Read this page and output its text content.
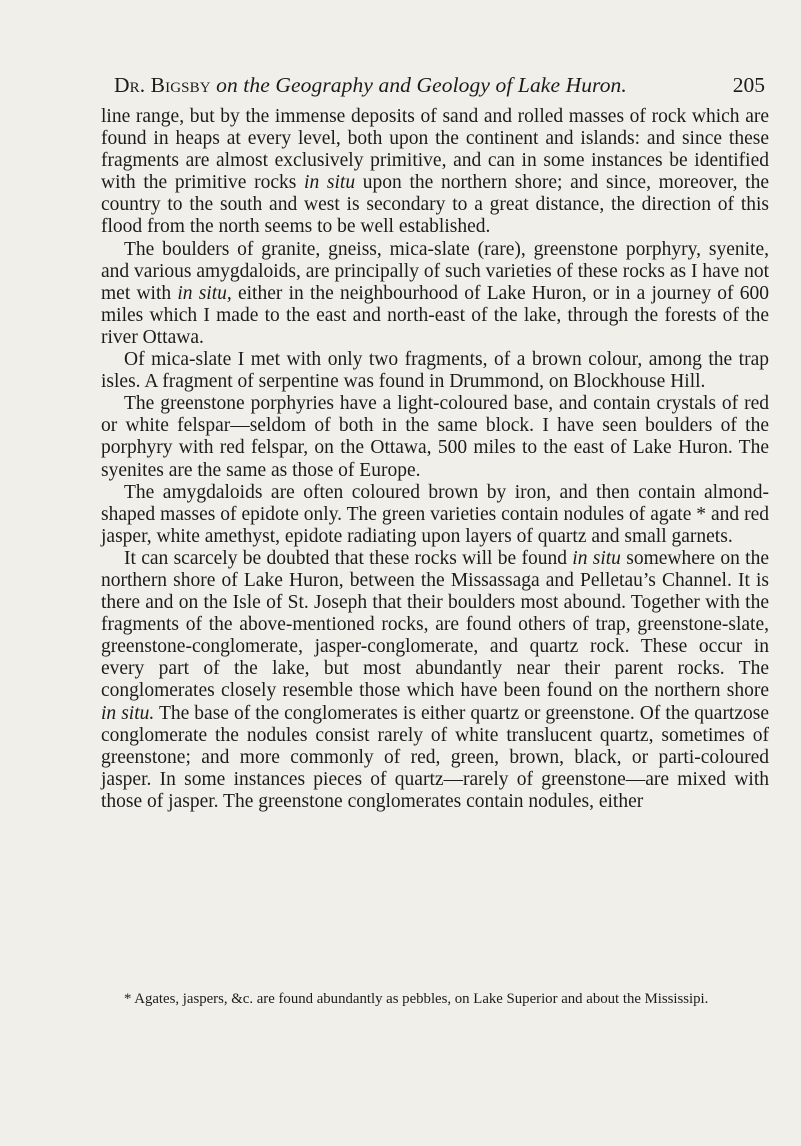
Dr. Bigsby on the Geography and Geology of Lake Huron.	205

line range, but by the immense deposits of sand and rolled masses of rock which are found in heaps at every level, both upon the continent and islands: and since these fragments are almost exclusively primitive, and can in some instances be identified with the primitive rocks in situ upon the northern shore; and since, moreover, the country to the south and west is secondary to a great distance, the direction of this flood from the north seems to be well established.

The boulders of granite, gneiss, mica-slate (rare), greenstone porphyry, syenite, and various amygdaloids, are principally of such varieties of these rocks as I have not met with in situ, either in the neighbourhood of Lake Huron, or in a journey of 600 miles which I made to the east and north-east of the lake, through the forests of the river Ottawa.

Of mica-slate I met with only two fragments, of a brown colour, among the trap isles. A fragment of serpentine was found in Drummond, on Blockhouse Hill.

The greenstone porphyries have a light-coloured base, and contain crystals of red or white felspar—seldom of both in the same block. I have seen boulders of the porphyry with red felspar, on the Ottawa, 500 miles to the east of Lake Huron. The syenites are the same as those of Europe.

The amygdaloids are often coloured brown by iron, and then contain almond-shaped masses of epidote only. The green varieties contain nodules of agate * and red jasper, white amethyst, epidote radiating upon layers of quartz and small garnets.

It can scarcely be doubted that these rocks will be found in situ somewhere on the northern shore of Lake Huron, between the Missassaga and Pelletau’s Channel. It is there and on the Isle of St. Joseph that their boulders most abound. Together with the fragments of the above-mentioned rocks, are found others of trap, greenstone-slate, greenstone-conglomerate, jasper-conglomerate, and quartz rock. These occur in every part of the lake, but most abundantly near their parent rocks. The conglomerates closely resemble those which have been found on the northern shore in situ. The base of the conglomerates is either quartz or greenstone. Of the quartzose conglomerate the nodules consist rarely of white translucent quartz, sometimes of greenstone; and more commonly of red, green, brown, black, or parti-coloured jasper. In some instances pieces of quartz—rarely of greenstone—are mixed with those of jasper. The greenstone conglomerates contain nodules, either

* Agates, jaspers, &c. are found abundantly as pebbles, on Lake Superior and about the Mississipi.
